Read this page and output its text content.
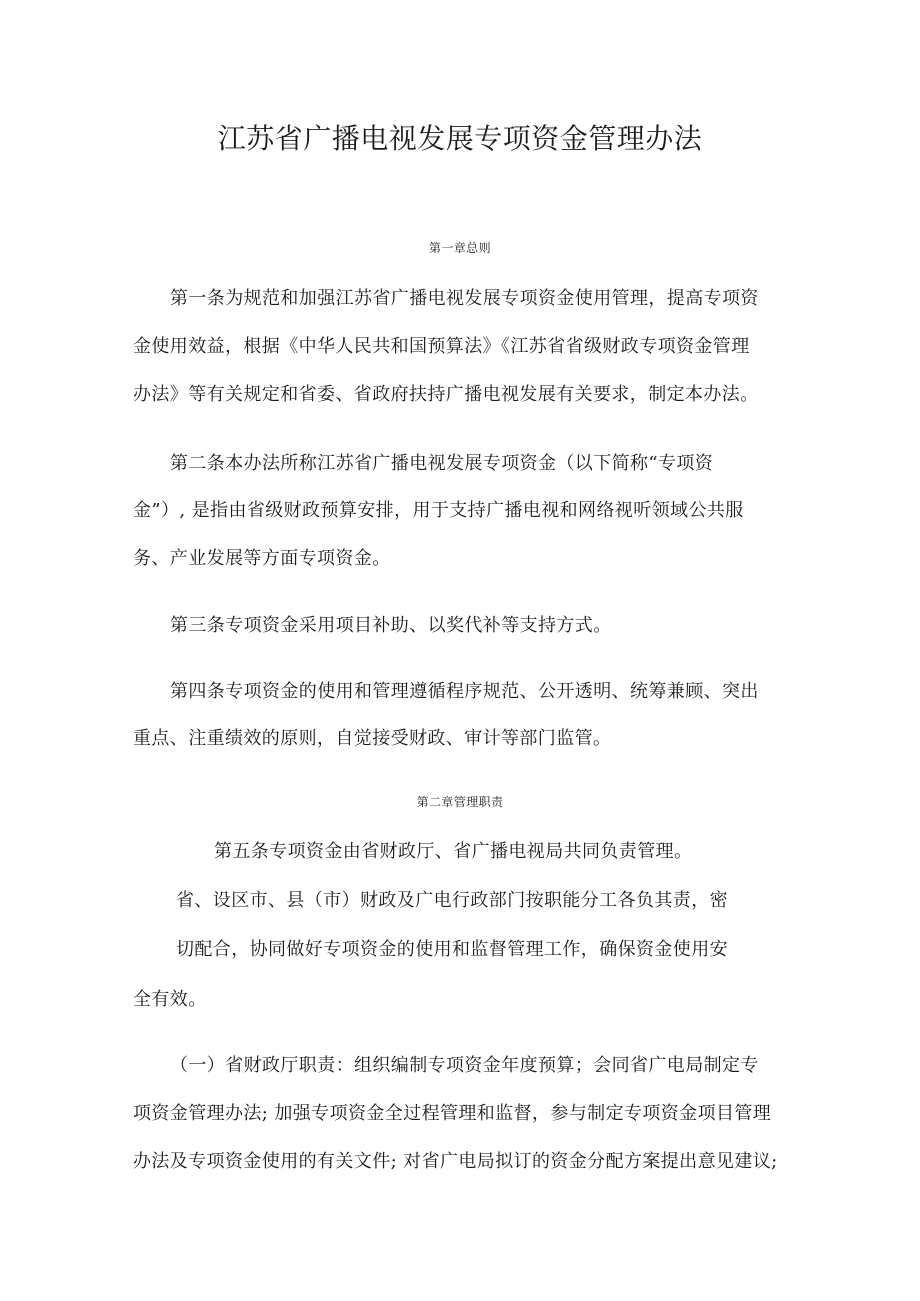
江苏省广播电视发展专项资金管理办法
第一章总则
第一条为规范和加强江苏省广播电视发展专项资金使用管理，提高专项资
金使用效益，根据《中华人民共和国预算法》《江苏省省级财政专项资金管理
办法》等有关规定和省委、省政府扶持广播电视发展有关要求，制定本办法。
第二条本办法所称江苏省广播电视发展专项资金（以下简称“专项资
金”）, 是指由省级财政预算安排，用于支持广播电视和网络视听领域公共服
务、产业发展等方面专项资金。
第三条专项资金采用项目补助、以奖代补等支持方式。
第四条专项资金的使用和管理遵循程序规范、公开透明、统筹兼顾、突出
重点、注重绩效的原则，自觉接受财政、审计等部门监管。
第二章管理职责
第五条专项资金由省财政厅、省广播电视局共同负责管理。
省、设区市、县（市）财政及广电行政部门按职能分工各负其责，密
切配合，协同做好专项资金的使用和监督管理工作，确保资金使用安
全有效。
（一）省财政厅职责：组织编制专项资金年度预算；会同省广电局制定专
项资金管理办法; 加强专项资金全过程管理和监督，参与制定专项资金项目管理
办法及专项资金使用的有关文件; 对省广电局拟订的资金分配方案提出意见建议;
